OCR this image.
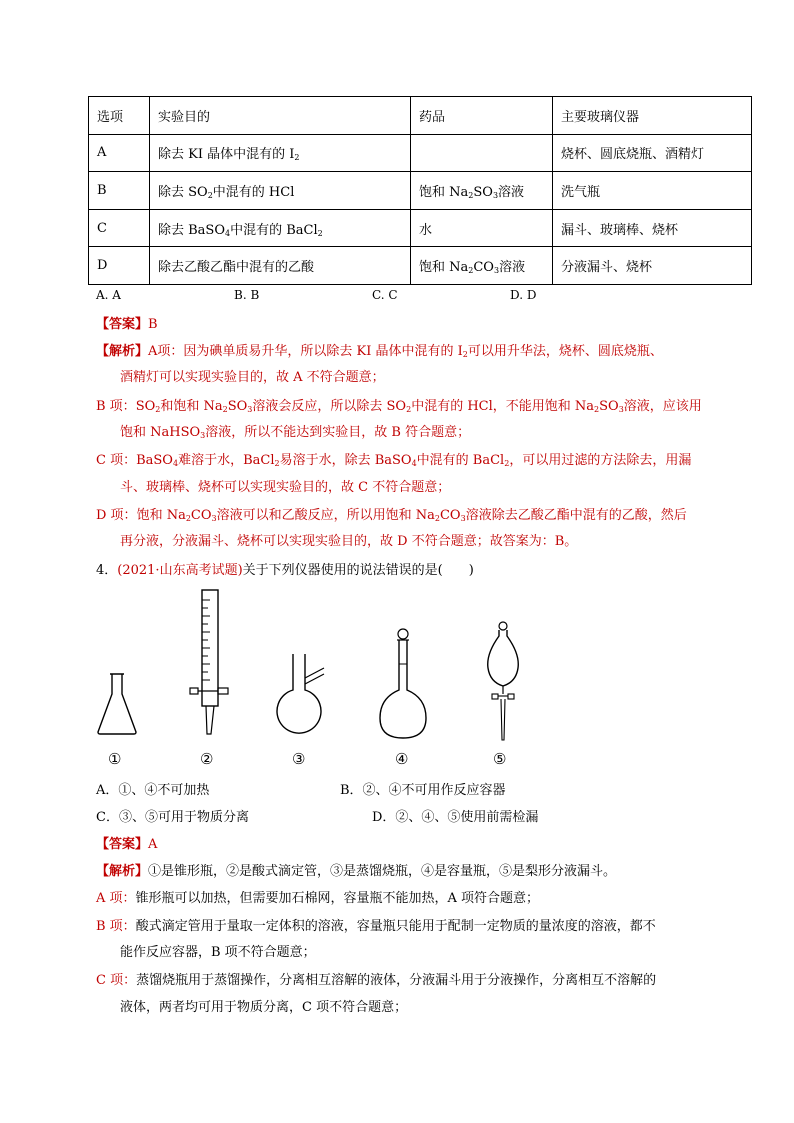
选项	实验目的	药品	主要玻璃仪器
A	除去 KI 晶体中混有的 $I_2$		烧杯、圆底烧瓶、酒精灯
B	除去 $SO_2$中混有的 HCl	饱和 $Na_2SO_3$溶液	洗气瓶
C	除去 BaSO$_4$中混有的 BaCl$_2$	水	漏斗、玻璃棒、烧杯
D	除去乙酸乙酯中混有的乙酸	饱和 $Na_2CO_3$溶液	分液漏斗、烧杯
A. A	B. B	C. C	D. D
【答案】B
【解析】A项：因为碘单质易升华，所以除去 KI 晶体中混有的 $I_2$可以用升华法，烧杯、圆底烧瓶、
酒精灯可以实现实验目的，故 A 不符合题意；
B 项：$SO_2$和饱和 $Na_2SO_3$溶液会反应，所以除去 $SO_2$中混有的 HCl，不能用饱和 $Na_2SO_3$溶液，应该用
饱和 NaHSO$_3$溶液，所以不能达到实验目，故 B 符合题意；
C 项：BaSO$_4$难溶于水，BaCl$_2$易溶于水，除去 BaSO$_4$中混有的 BaCl$_2$，可以用过滤的方法除去，用漏
斗、玻璃棒、烧杯可以实现实验目的，故 C 不符合题意；
D 项：饱和 $Na_2CO_3$溶液可以和乙酸反应，所以用饱和 $Na_2CO_3$溶液除去乙酸乙酯中混有的乙酸，然后
再分液，分液漏斗、烧杯可以实现实验目的，故 D 不符合题意；故答案为：B。
4．(2021·山东高考试题)关于下列仪器使用的说法错误的是(　　)
①	②	③	④	⑤
A．①、④不可加热	B．②、④不可用作反应容器
C．③、⑤可用于物质分离	D．②、④、⑤使用前需检漏
【答案】A
【解析】①是锥形瓶，②是酸式滴定管，③是蒸馏烧瓶，④是容量瓶，⑤是梨形分液漏斗。
A 项：锥形瓶可以加热，但需要加石棉网，容量瓶不能加热，A 项符合题意；
B 项：酸式滴定管用于量取一定体积的溶液，容量瓶只能用于配制一定物质的量浓度的溶液，都不
能作反应容器，B 项不符合题意；
C 项：蒸馏烧瓶用于蒸馏操作，分离相互溶解的液体，分液漏斗用于分液操作，分离相互不溶解的
液体，两者均可用于物质分离，C 项不符合题意；
